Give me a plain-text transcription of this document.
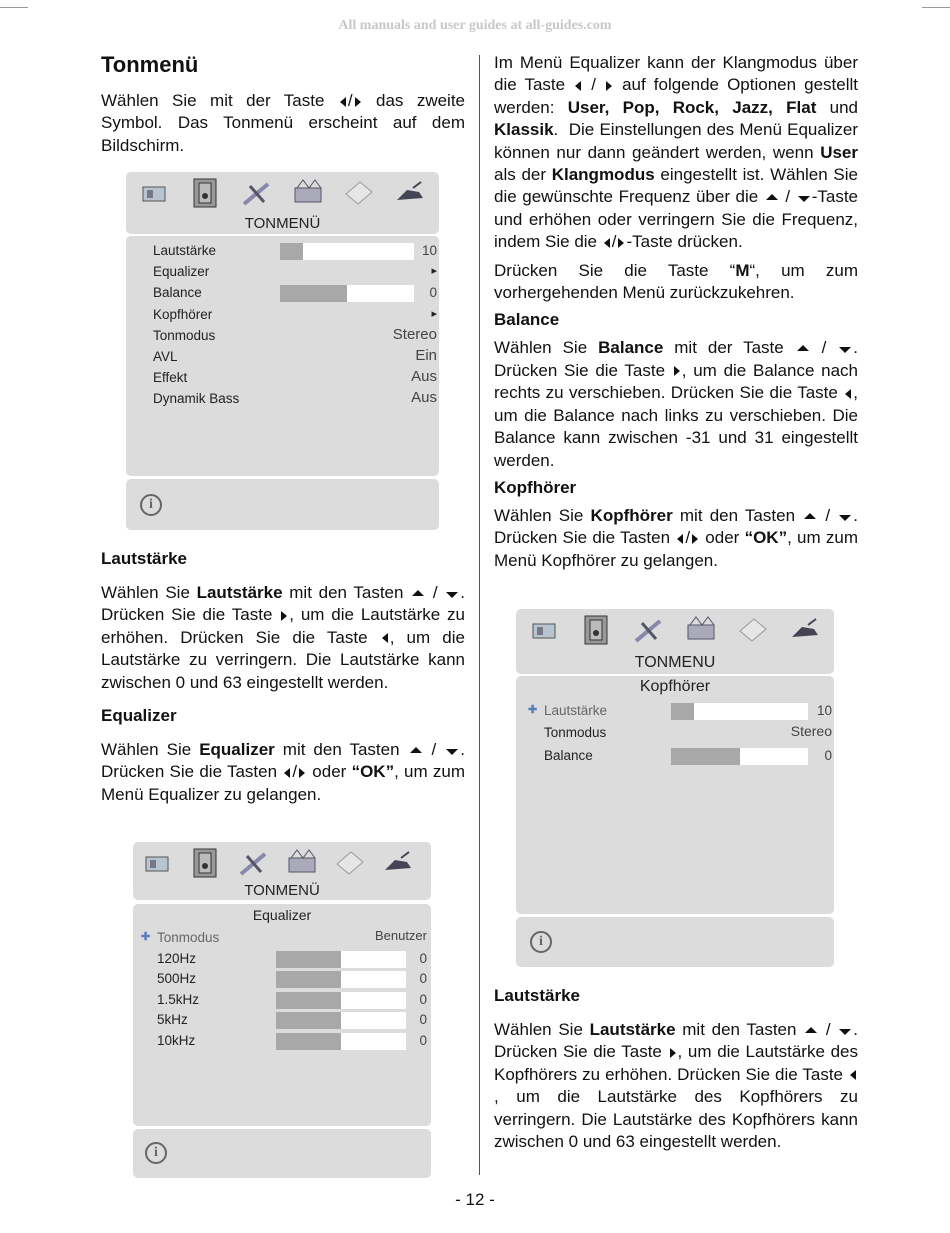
All manuals and user guides at all-guides.com
Tonmenü

Wählen Sie mit der Taste / das zweite Symbol. Das Tonmenü erscheint auf dem Bildschirm.

TONMENÜ
Lautstärke	10
Equalizer	▸
Balance	0
Kopfhörer	▸
Tonmodus	Stereo
AVL	Ein
Effekt	Aus
Dynamik Bass	Aus
i
Lautstärke

Wählen Sie Lautstärke mit den Tasten  / . Drücken Sie die Taste , um die Lautstärke zu erhöhen. Drücken Sie die Taste , um die Lautstärke zu verringern. Die Lautstärke kann zwischen 0 und 63 eingestellt werden.

Equalizer

Wählen Sie Equalizer mit den Tasten  / . Drücken Sie die Tasten / oder “OK”, um zum Menü Equalizer zu gelangen.

TONMENÜ
Equalizer
✚ Tonmodus	Benutzer
120Hz	0
500Hz	0
1.5kHz	0
5kHz	0
10kHz	0
i

Im Menü Equalizer kann der Klangmodus über die Taste  /  auf folgende Optionen gestellt werden: User, Pop, Rock, Jazz, Flat und Klassik.  Die Einstellungen des Menü Equalizer können nur dann geändert werden, wenn User als der Klangmodus eingestellt ist. Wählen Sie die gewünschte Frequenz über die  / -Taste und erhöhen oder verringern Sie die Frequenz, indem Sie die / -Taste drücken.

Drücken Sie die Taste “M“, um zum vorhergehenden Menü zurückzukehren.

Balance

Wählen Sie Balance mit der Taste  / . Drücken Sie die Taste , um die Balance nach rechts zu verschieben. Drücken Sie die Taste , um die Balance nach links zu verschieben. Die Balance kann zwischen -31 und 31 eingestellt werden.

Kopfhörer

Wählen Sie Kopfhörer mit den Tasten  / . Drücken Sie die Tasten / oder “OK”, um zum Menü Kopfhörer zu gelangen.

TONMENU
Kopfhörer
✚ Lautstärke	10
Tonmodus	Stereo
Balance	0
i
Lautstärke

Wählen Sie Lautstärke mit den Tasten  / . Drücken Sie die Taste , um die Lautstärke des Kopfhörers zu erhöhen. Drücken Sie die Taste , um die Lautstärke des Kopfhörers zu verringern. Die Lautstärke des Kopfhörers kann zwischen 0 und 63 eingestellt werden.

- 12 -
